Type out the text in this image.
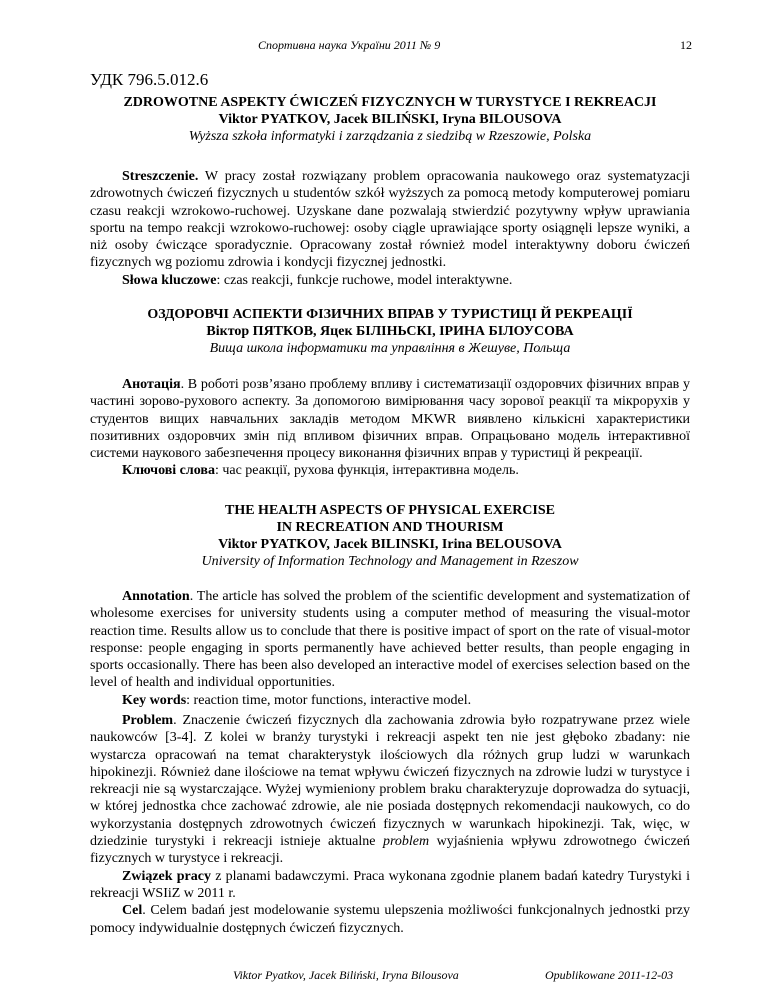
Спортивна наука України 2011 № 9	12
УДК 796.5.012.6
ZDROWOTNE ASPEKTY ĆWICZEŃ FIZYCZNYCH W TURYSTYCE I REKREACJI
Viktor PYATKOV, Jacek BILIŃSKI, Iryna BILOUSOVA
Wyższa szkoła informatyki i zarządzania z siedzibą w Rzeszowie, Polska

Streszczenie. W pracy został rozwiązany problem opracowania naukowego oraz systematyzacji zdrowotnych ćwiczeń fizycznych u studentów szkół wyższych za pomocą metody komputerowej pomiaru czasu reakcji wzrokowo-ruchowej. Uzyskane dane pozwalają stwierdzić pozytywny wpływ uprawiania sportu na tempo reakcji wzrokowo-ruchowej: osoby ciągle uprawiające sporty osiągnęli lepsze wyniki, a niż osoby ćwiczące sporadycznie. Opracowany został również model interaktywny doboru ćwiczeń fizycznych wg poziomu zdrowia i kondycji fizycznej jednostki.

Słowa kluczowe: czas reakcji, funkcje ruchowe, model interaktywne.

ОЗДОРОВЧІ АСПЕКТИ ФІЗИЧНИХ ВПРАВ У ТУРИСТИЦІ Й РЕКРЕАЦІЇ
Віктор ПЯТКОВ, Яцек БІЛІНЬСКІ, ІРИНА БІЛОУСОВА
Вища школа інформатики та управління в Жешуве, Польща

Анотація. В роботі розв’язано проблему впливу і систематизації оздоровчих фізичних вправ у частині зорово-рухового аспекту. За допомогою вимірювання часу зорової реакції та мікрорухів у студентов вищих навчальних закладів методом MKWR виявлено кількісні характеристики позитивних оздоровчих змін під впливом фізичних вправ. Опрацьовано модель інтерактивної системи наукового забезпечення процесу виконання фізичних вправ у туристиці й рекреації.

Ключові слова: час реакції, рухова функція, інтерактивна модель.

THE HEALTH ASPECTS OF PHYSICAL EXERCISE
IN RECREATION AND THOURISM
Viktor PYATKOV, Jacek BILINSKI, Irina BELOUSOVA
University of Information Technology and Management in Rzeszow

Annotation. The article has solved the problem of the scientific development and systematization of wholesome exercises for university students using a computer method of measuring the visual-motor reaction time. Results allow us to conclude that there is positive impact of sport on the rate of visual-motor response: people engaging in sports permanently have achieved better results, than people engaging in sports occasionally. There has been also developed an interactive model of exercises selection based on the level of health and individual opportunities.

Key words: reaction time, motor functions, interactive model.

Problem. Znaczenie ćwiczeń fizycznych dla zachowania zdrowia było rozpatrywane przez wiele naukowców [3-4]. Z kolei w branży turystyki i rekreacji aspekt ten nie jest głęboko zbadany: nie wystarcza opracowań na temat charakterystyk ilościowych dla różnych grup ludzi w warunkach hipokinezji. Również dane ilościowe na temat wpływu ćwiczeń fizycznych na zdrowie ludzi w turystyce i rekreacji nie są wystarczające. Wyżej wymieniony problem braku charakteryzuje doprowadza do sytuacji, w której jednostka chce zachować zdrowie, ale nie posiada dostępnych rekomendacji naukowych, co do wykorzystania dostępnych zdrowotnych ćwiczeń fizycznych w warunkach hipokinezji. Tak, więc, w dziedzinie turystyki i rekreacji istnieje aktualne problem wyjaśnienia wpływu zdrowotnego ćwiczeń fizycznych w turystyce i rekreacji.

Związek pracy z planami badawczymi. Praca wykonana zgodnie planem badań katedry Turystyki i rekreacji WSIiZ w 2011 r.

Cel. Celem badań jest modelowanie systemu ulepszenia możliwości funkcjonalnych jednostki przy pomocy indywidualnie dostępnych ćwiczeń fizycznych.

Viktor Pyatkov, Jacek Biliński, Iryna Bilousova	Opublikowane 2011-12-03
